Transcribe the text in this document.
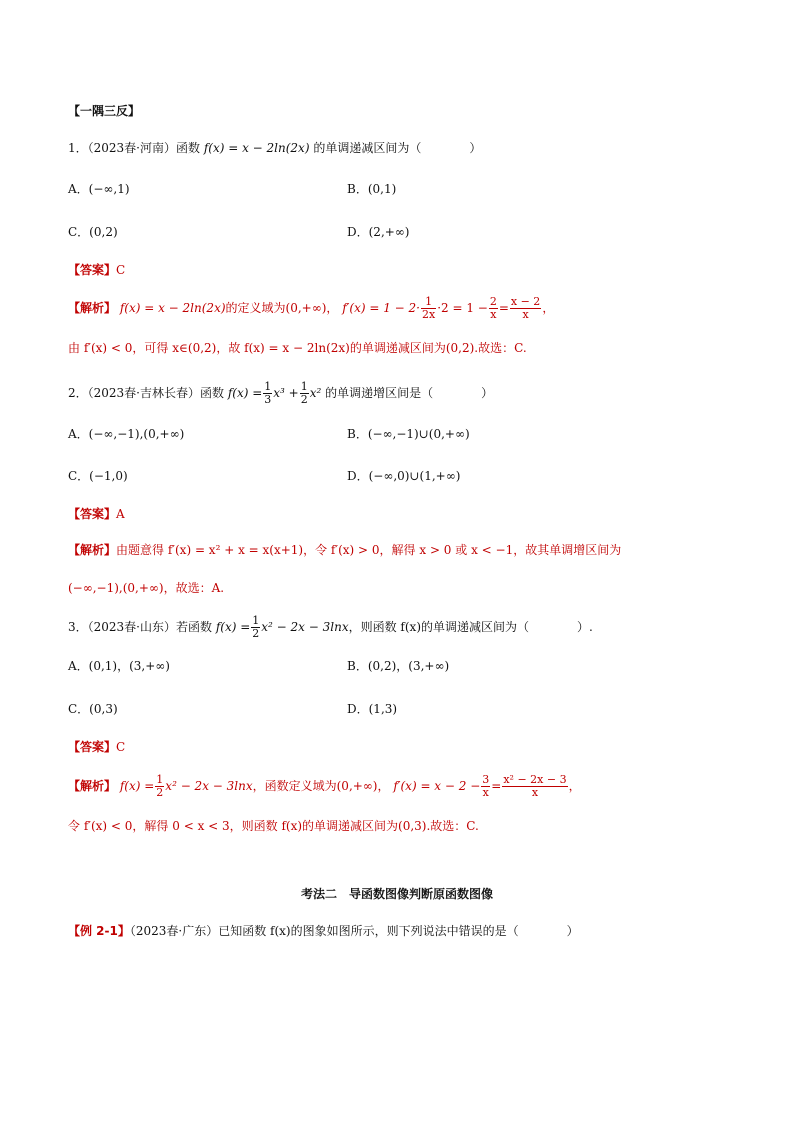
【一隅三反】
1．（2023春·河南）函数 f(x) = x − 2ln(2x) 的单调递减区间为（　　　　）
A．(−∞,1)	B．(0,1)
C．(0,2)	D．(2,+∞)
【答案】C
【解析】 f(x) = x − 2ln(2x)的定义域为(0,+∞)， $f'(x) = 1 - 2\cdot \frac{1}{2x} \cdot 2 = 1 - \frac{2}{x} = \frac{x - 2}{x}$ ，
由 f′(x) < 0，可得 x∈(0,2)，故 f(x) = x − 2ln(2x)的单调递减区间为(0,2).故选：C.
2．（2023春·吉林长春）函数 $f(x) = \frac{1}{3} x^3 + \frac{1}{2} x^2$ 的单调递增区间是（　　　　）
A．(−∞,−1),(0,+∞)	B．(−∞,−1)∪(0,+∞)
C．(−1,0)	D．(−∞,0)∪(1,+∞)
【答案】A
【解析】由题意得 f′(x) = x² + x = x(x+1)，令 f′(x) > 0，解得 x > 0 或 x < −1，故其单调增区间为
(−∞,−1),(0,+∞)，故选：A.
3．（2023春·山东）若函数 $f(x) = \frac{1}{2} x^2 - 2x - 3\ln x$，则函数 f(x)的单调递减区间为（　　　　）.
A．(0,1)，(3,+∞)	B．(0,2)，(3,+∞)
C．(0,3)	D．(1,3)
【答案】C
【解析】 $f(x) = \frac{1}{2} x^2 - 2x - 3\ln x$，函数定义域为(0,+∞)， $f'(x) = x - 2 - \frac{3}{x} = \frac{\text{x² − 2x − 3}}{x}$ ，
令 f′(x) < 0，解得 0 < x < 3，则函数 f(x)的单调递减区间为(0,3).故选：C.
考法二　导函数图像判断原函数图像
【例 2-1】（2023春·广东）已知函数 f(x)的图象如图所示，则下列说法中错误的是（　　　　）
